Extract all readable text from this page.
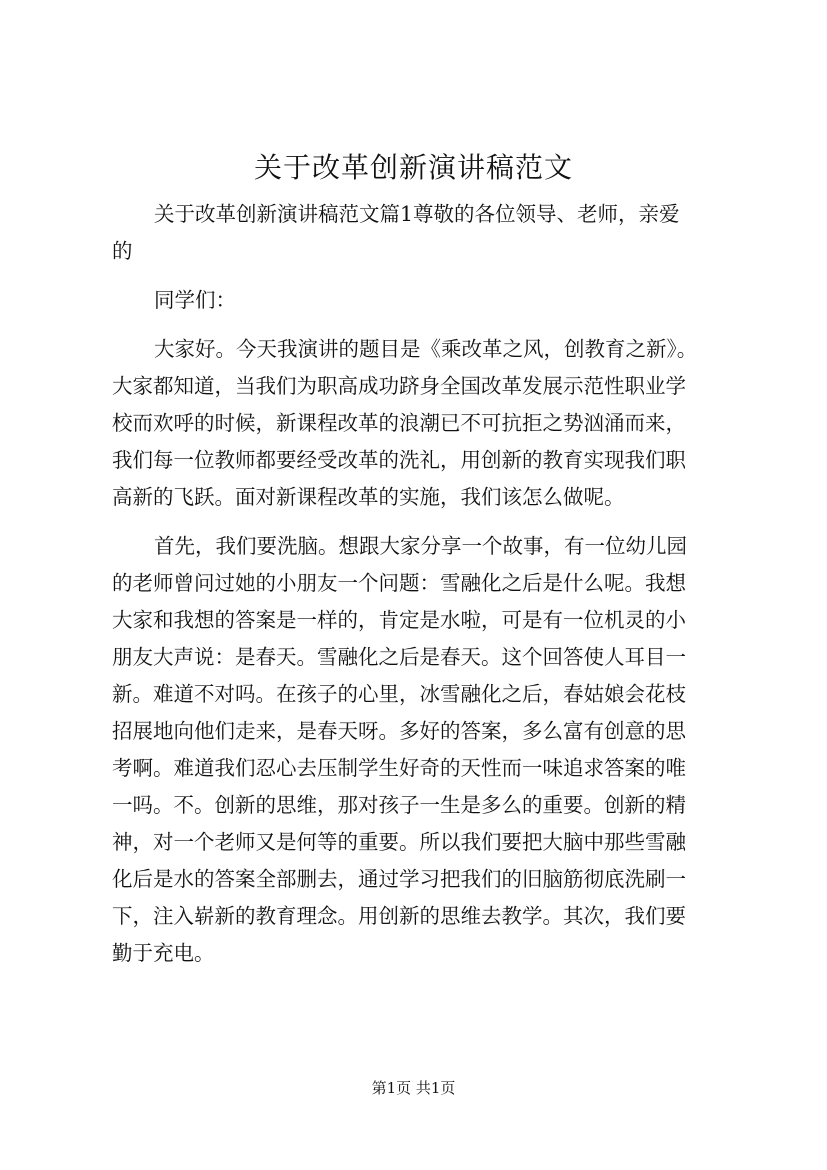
关于改革创新演讲稿范文
关于改革创新演讲稿范文篇1尊敬的各位领导、老师，亲爱
的
同学们：
大家好。今天我演讲的题目是《乘改革之风，创教育之新》。
大家都知道，当我们为职高成功跻身全国改革发展示范性职业学
校而欢呼的时候，新课程改革的浪潮已不可抗拒之势汹涌而来，
我们每一位教师都要经受改革的洗礼，用创新的教育实现我们职
高新的飞跃。面对新课程改革的实施，我们该怎么做呢。
首先，我们要洗脑。想跟大家分享一个故事，有一位幼儿园
的老师曾问过她的小朋友一个问题：雪融化之后是什么呢。我想
大家和我想的答案是一样的，肯定是水啦，可是有一位机灵的小
朋友大声说：是春天。雪融化之后是春天。这个回答使人耳目一
新。难道不对吗。在孩子的心里，冰雪融化之后，春姑娘会花枝
招展地向他们走来，是春天呀。多好的答案，多么富有创意的思
考啊。难道我们忍心去压制学生好奇的天性而一味追求答案的唯
一吗。不。创新的思维，那对孩子一生是多么的重要。创新的精
神，对一个老师又是何等的重要。所以我们要把大脑中那些雪融
化后是水的答案全部删去，通过学习把我们的旧脑筋彻底洗刷一
下，注入崭新的教育理念。用创新的思维去教学。其次，我们要
勤于充电。
第1页 共1页
